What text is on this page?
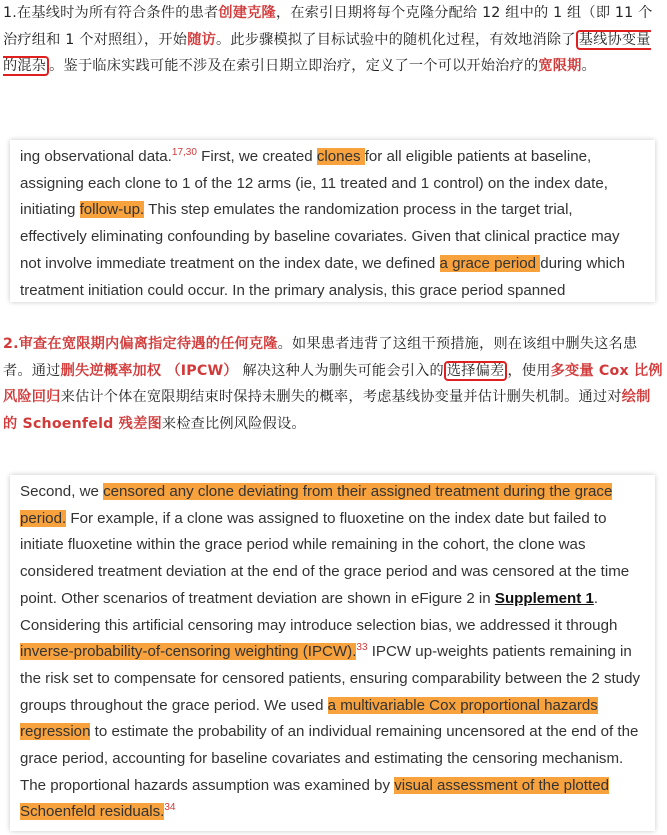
1.在基线时为所有符合条件的患者创建克隆，在索引日期将每个克隆分配给 12 组中的 1 组（即 11 个治疗组和 1 个对照组），开始随访。此步骤模拟了目标试验中的随机化过程，有效地消除了 基线协变量的混杂 。鉴于临床实践可能不涉及在索引日期立即治疗，定义了一个可以开始治疗的宽限期。
ing observational data.$^{17,30}$ First, we created clones for all eligible patients at baseline, assigning each clone to 1 of the 12 arms (ie, 11 treated and 1 control) on the index date, initiating follow-up. This step emulates the randomization process in the target trial, effectively eliminating confounding by baseline covariates. Given that clinical practice may not involve immediate treatment on the index date, we defined a grace period during which treatment initiation could occur. In the primary analysis, this grace period spanned
2.审查在宽限期内偏离指定待遇的任何克隆。如果患者违背了这组干预措施，则在该组中删失这名患者。通过删失逆概率加权 （IPCW） 解决这种人为删失可能会引入的 选择偏差 ，使用多变量 Cox 比例风险回归来估计个体在宽限期结束时保持未删失的概率，考虑基线协变量并估计删失机制。通过对绘制的 Schoenfeld 残差图来检查比例风险假设。
Second, we censored any clone deviating from their assigned treatment during the grace period. For example, if a clone was assigned to fluoxetine on the index date but failed to initiate fluoxetine within the grace period while remaining in the cohort, the clone was considered treatment deviation at the end of the grace period and was censored at the time point. Other scenarios of treatment deviation are shown in eFigure 2 in Supplement 1. Considering this artificial censoring may introduce selection bias, we addressed it through inverse-probability-of-censoring weighting (IPCW).$^{33}$ IPCW up-weights patients remaining in the risk set to compensate for censored patients, ensuring comparability between the 2 study groups throughout the grace period. We used a multivariable Cox proportional hazards regression to estimate the probability of an individual remaining uncensored at the end of the grace period, accounting for baseline covariates and estimating the censoring mechanism. The proportional hazards assumption was examined by visual assessment of the plotted Schoenfeld residuals.$^{34}$
